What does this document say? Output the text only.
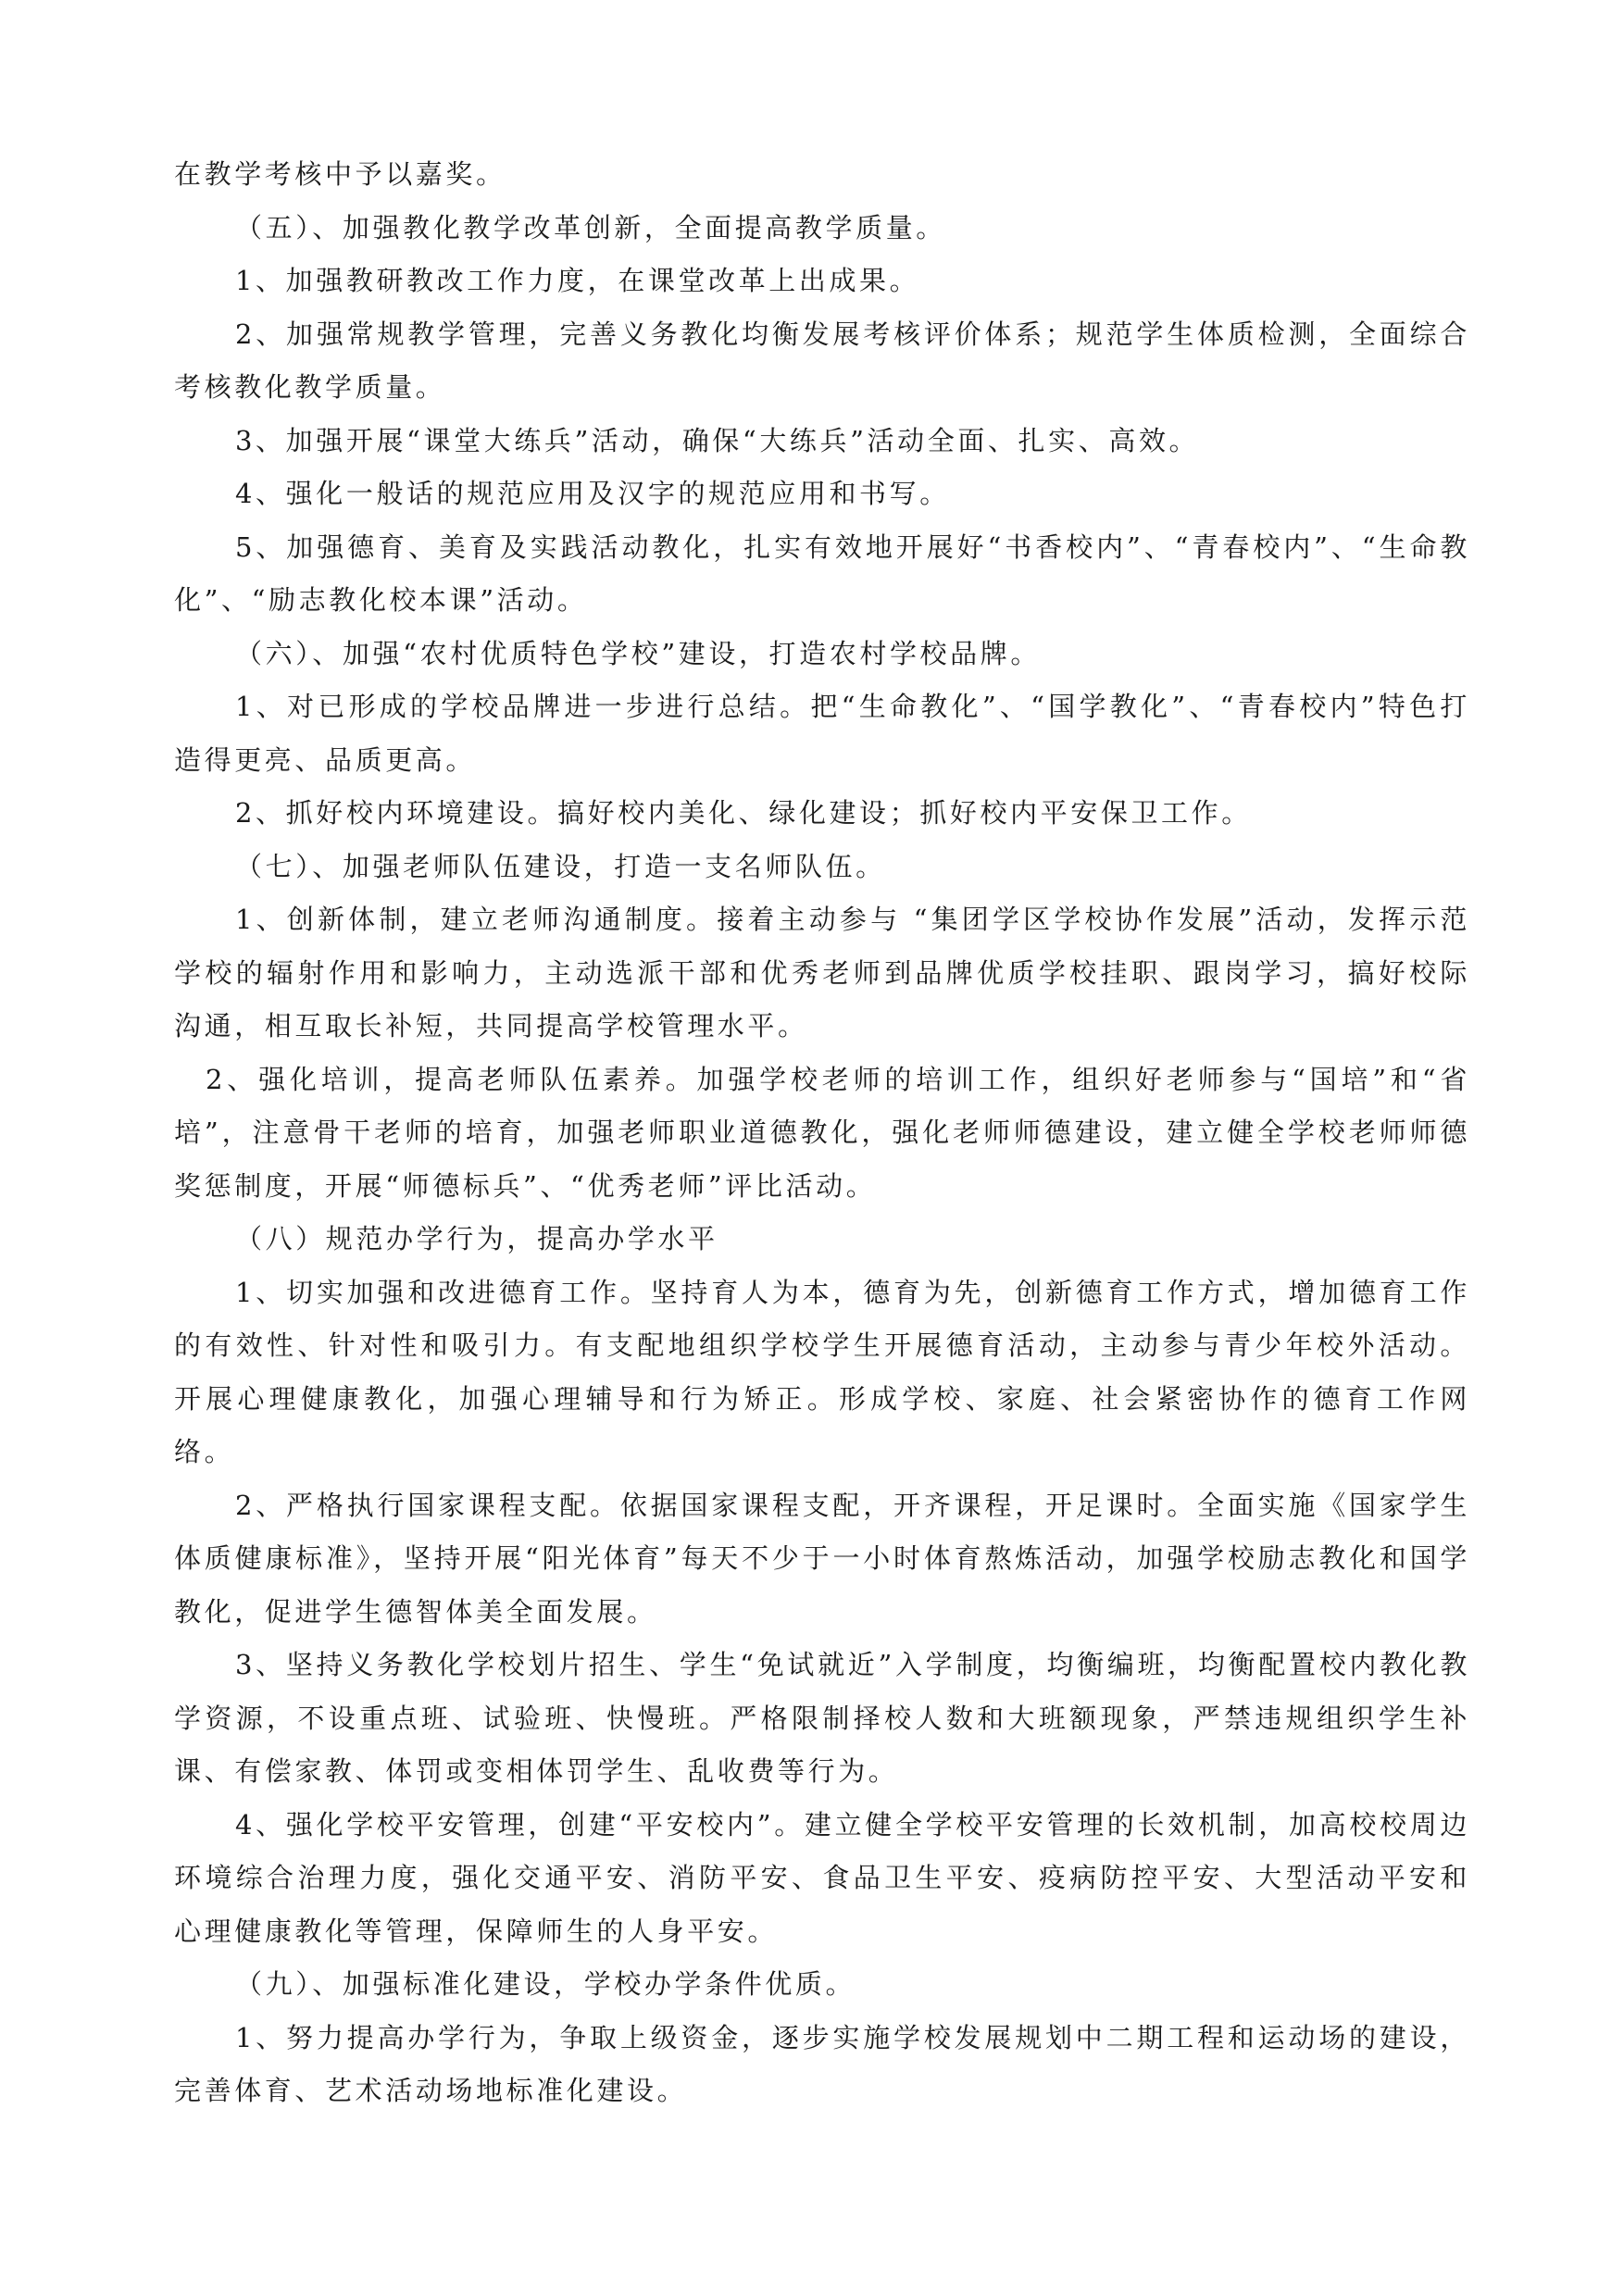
在教学考核中予以嘉奖。

（五）、加强教化教学改革创新，全面提高教学质量。

1、加强教研教改工作力度，在课堂改革上出成果。

2、加强常规教学管理，完善义务教化均衡发展考核评价体系；规范学生体质检测，全面综合考核教化教学质量。

3、加强开展“课堂大练兵”活动，确保“大练兵”活动全面、扎实、高效。

4、强化一般话的规范应用及汉字的规范应用和书写。

5、加强德育、美育及实践活动教化，扎实有效地开展好“书香校内”、“青春校内”、“生命教化”、“励志教化校本课”活动。

（六）、加强“农村优质特色学校”建设，打造农村学校品牌。

1、对已形成的学校品牌进一步进行总结。把“生命教化”、“国学教化”、“青春校内”特色打造得更亮、品质更高。

2、抓好校内环境建设。搞好校内美化、绿化建设；抓好校内平安保卫工作。

（七）、加强老师队伍建设，打造一支名师队伍。

1、创新体制，建立老师沟通制度。接着主动参与 “集团学区学校协作发展”活动，发挥示范学校的辐射作用和影响力，主动选派干部和优秀老师到品牌优质学校挂职、跟岗学习，搞好校际沟通，相互取长补短，共同提高学校管理水平。

2、强化培训，提高老师队伍素养。加强学校老师的培训工作，组织好老师参与“国培”和“省培”，注意骨干老师的培育，加强老师职业道德教化，强化老师师德建设，建立健全学校老师师德奖惩制度，开展“师德标兵”、“优秀老师”评比活动。

（八）规范办学行为，提高办学水平

1、切实加强和改进德育工作。坚持育人为本，德育为先，创新德育工作方式，增加德育工作的有效性、针对性和吸引力。有支配地组织学校学生开展德育活动，主动参与青少年校外活动。开展心理健康教化，加强心理辅导和行为矫正。形成学校、家庭、社会紧密协作的德育工作网络。

2、严格执行国家课程支配。依据国家课程支配，开齐课程，开足课时。全面实施《国家学生体质健康标准》，坚持开展“阳光体育”每天不少于一小时体育熬炼活动，加强学校励志教化和国学教化，促进学生德智体美全面发展。

3、坚持义务教化学校划片招生、学生“免试就近”入学制度，均衡编班，均衡配置校内教化教学资源，不设重点班、试验班、快慢班。严格限制择校人数和大班额现象，严禁违规组织学生补课、有偿家教、体罚或变相体罚学生、乱收费等行为。

4、强化学校平安管理，创建“平安校内”。建立健全学校平安管理的长效机制，加高校校周边环境综合治理力度，强化交通平安、消防平安、食品卫生平安、疫病防控平安、大型活动平安和心理健康教化等管理，保障师生的人身平安。

（九）、加强标准化建设，学校办学条件优质。

1、努力提高办学行为，争取上级资金，逐步实施学校发展规划中二期工程和运动场的建设，完善体育、艺术活动场地标准化建设。
